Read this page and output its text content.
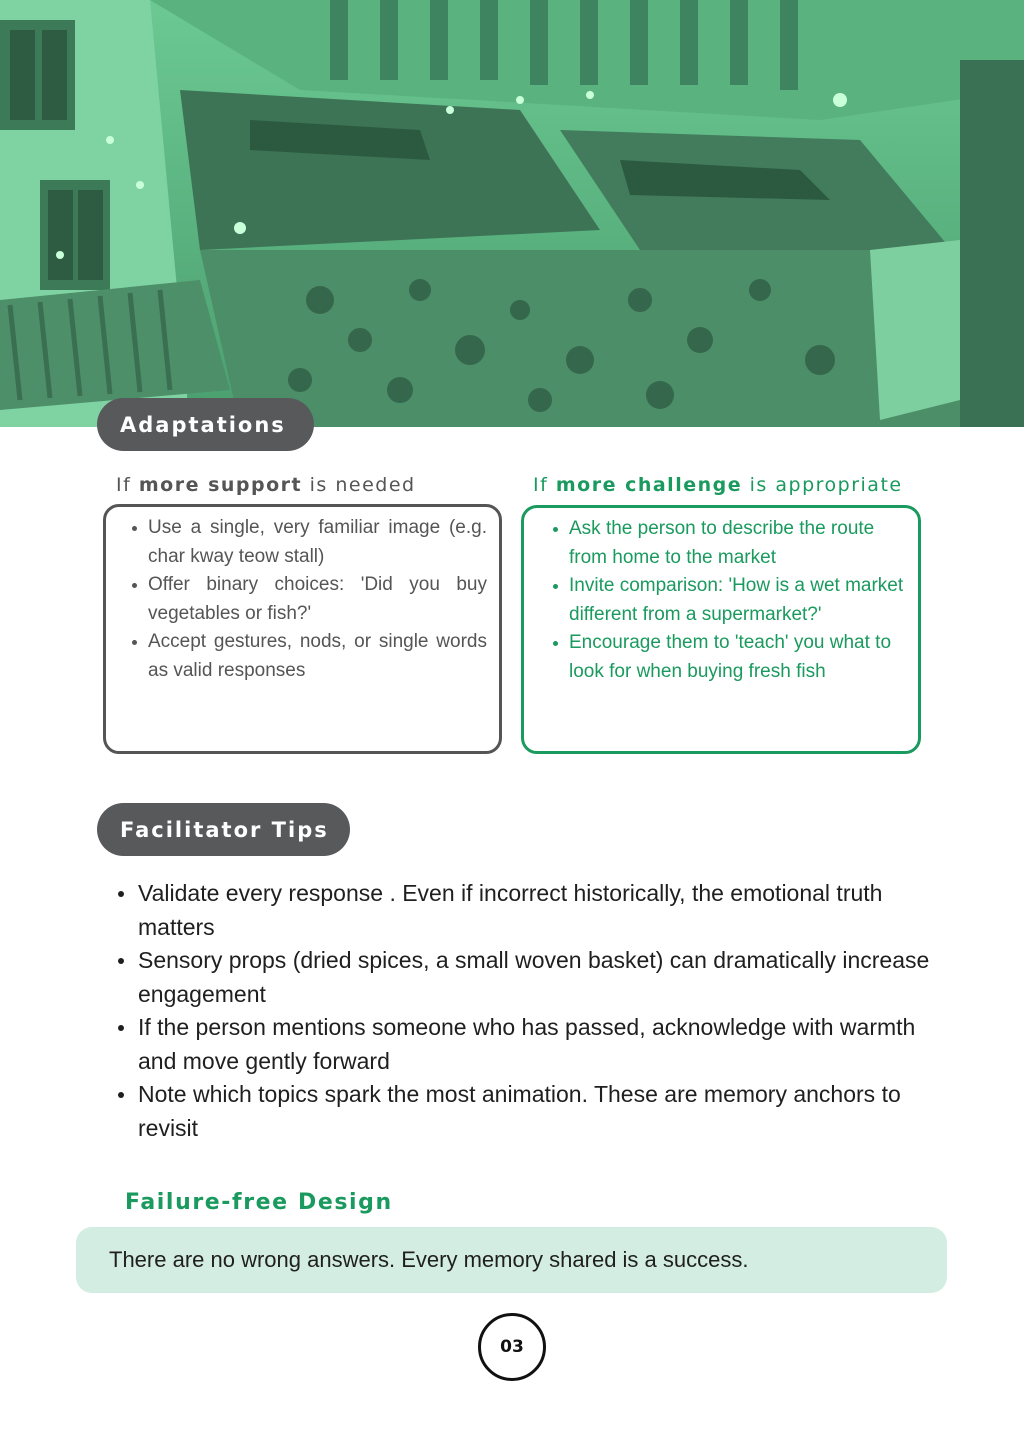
Adaptations
If more support is needed	If more challenge is appropriate
Use a single, very familiar image (e.g. char kway teow stall)
Offer binary choices: 'Did you buy vegetables or fish?'
Accept gestures, nods, or single words as valid responses
Ask the person to describe the route from home to the market
Invite comparison: 'How is a wet market different from a supermarket?'
Encourage them to 'teach' you what to look for when buying fresh fish
Facilitator Tips
Validate every response . Even if incorrect historically, the emotional truth matters
Sensory props (dried spices, a small woven basket) can dramatically increase engagement
If the person mentions someone who has passed, acknowledge with warmth and move gently forward
Note which topics spark the most animation. These are memory anchors to revisit
Failure-free Design
There are no wrong answers. Every memory shared is a success.
03
